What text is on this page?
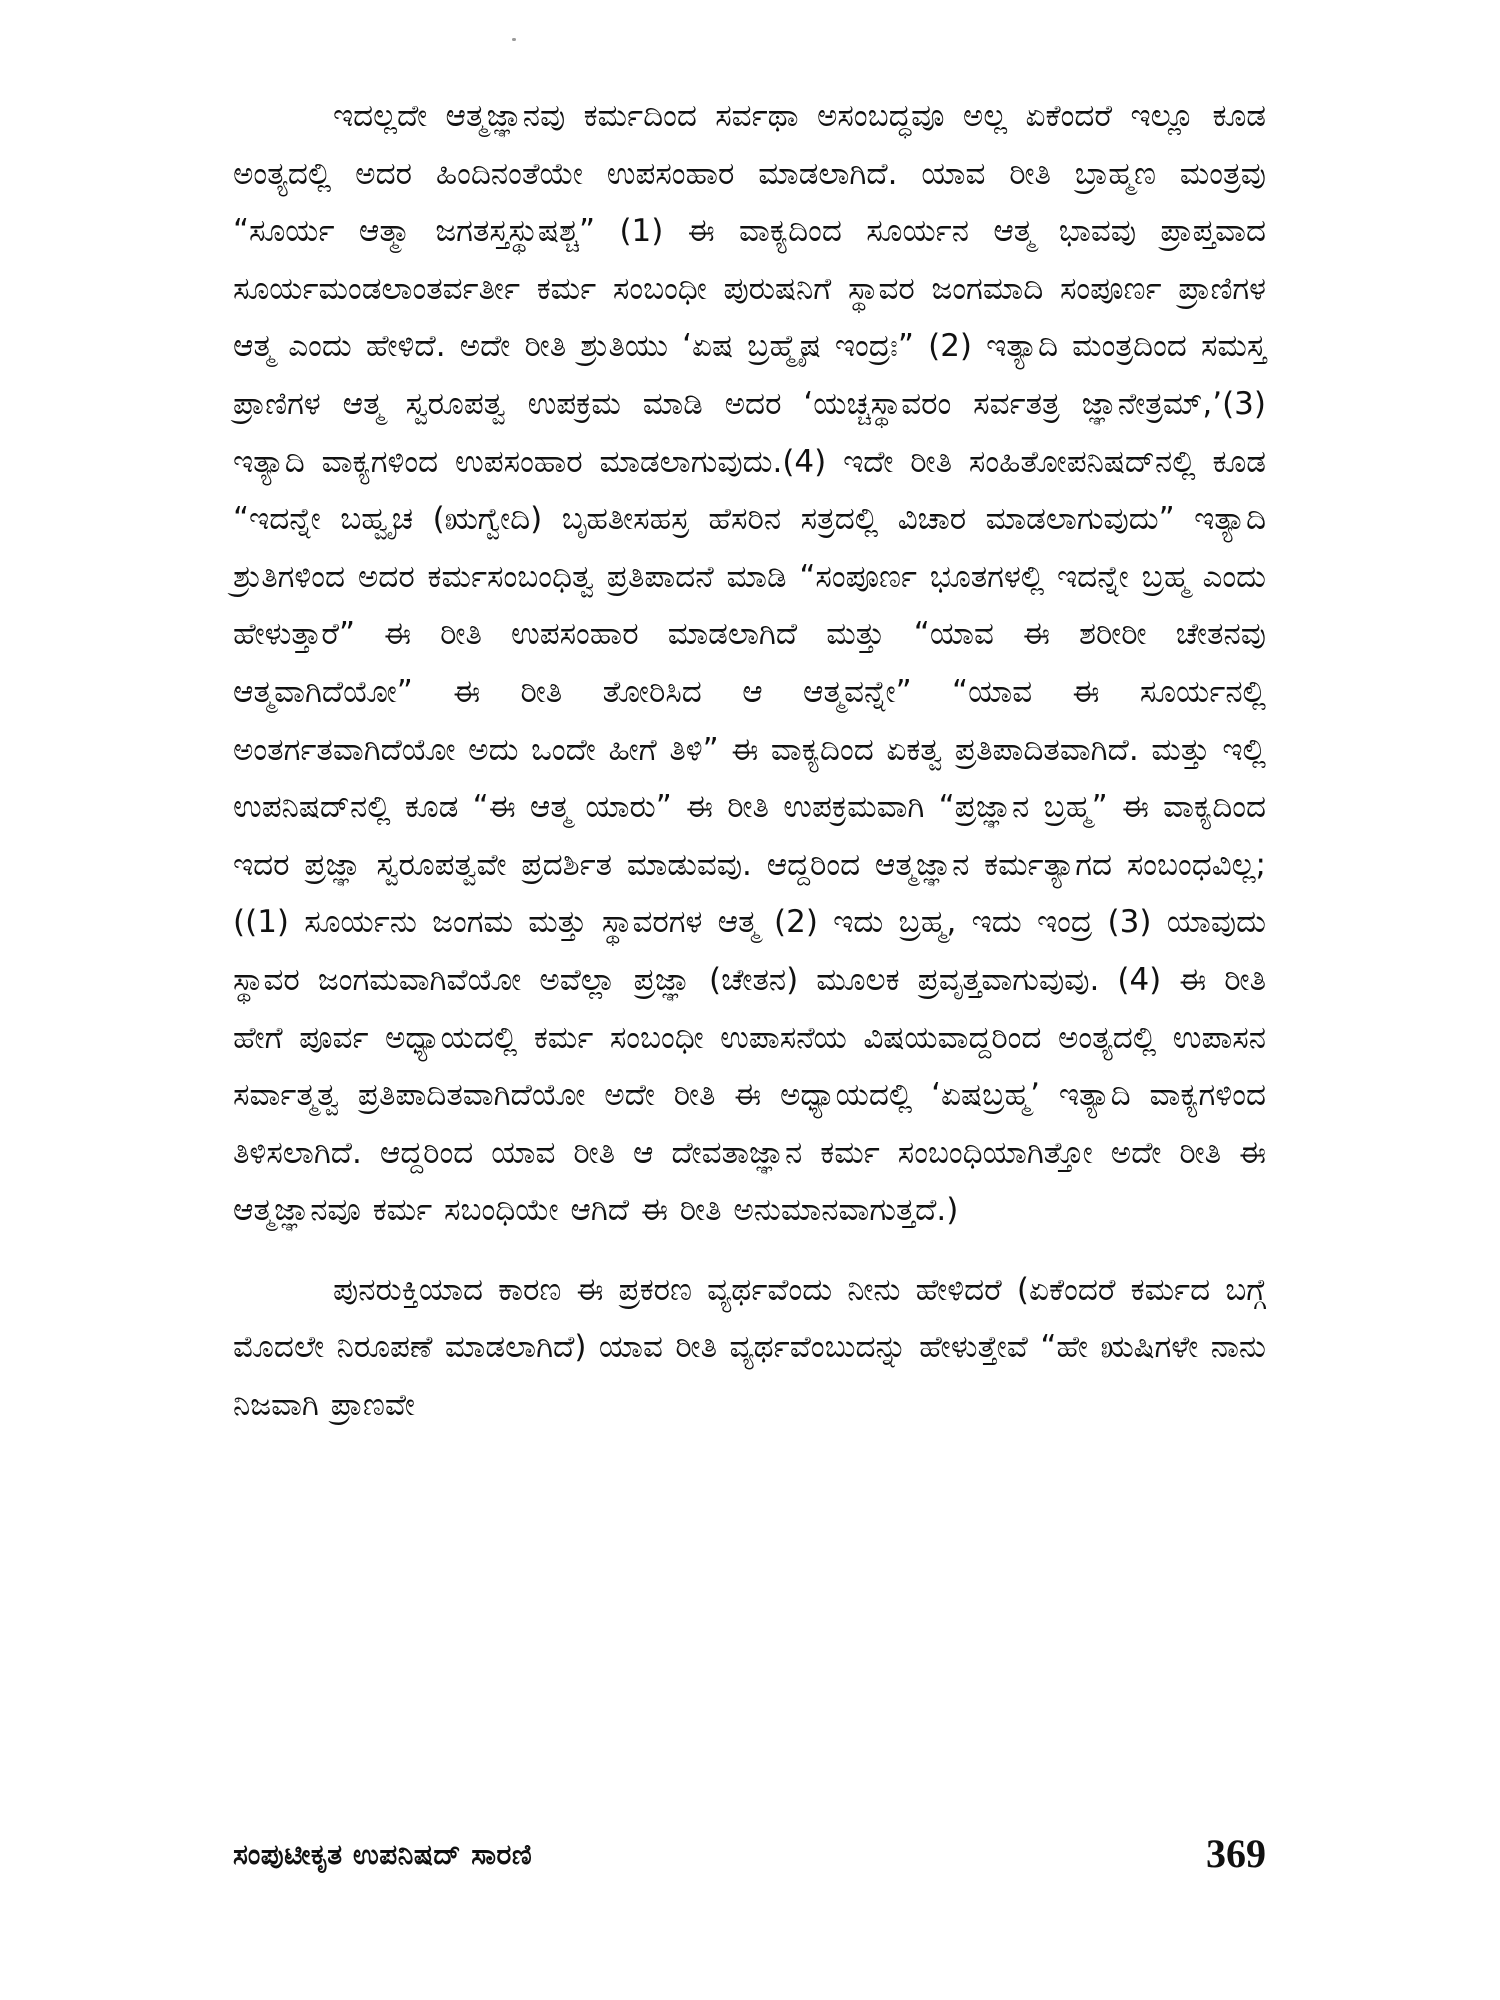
ಇದಲ್ಲದೇ ಆತ್ಮಜ್ಞಾನವು ಕರ್ಮದಿಂದ ಸರ್ವಥಾ ಅಸಂಬದ್ಧವೂ ಅಲ್ಲ ಏಕೆಂದರೆ ಇಲ್ಲೂ ಕೂಡ ಅಂತ್ಯದಲ್ಲಿ ಅದರ ಹಿಂದಿನಂತೆಯೇ ಉಪಸಂಹಾರ ಮಾಡಲಾಗಿದೆ. ಯಾವ ರೀತಿ ಬ್ರಾಹ್ಮಣ ಮಂತ್ರವು “ಸೂರ್ಯ ಆತ್ಮಾ ಜಗತಸ್ತಸ್ಥುಷಶ್ಚ” (1) ಈ ವಾಕ್ಯದಿಂದ ಸೂರ್ಯನ ಆತ್ಮ ಭಾವವು ಪ್ರಾಪ್ತವಾದ ಸೂರ್ಯಮಂಡಲಾಂತರ್ವರ್ತೀ ಕರ್ಮ ಸಂಬಂಧೀ ಪುರುಷನಿಗೆ ಸ್ಥಾವರ ಜಂಗಮಾದಿ ಸಂಪೂರ್ಣ ಪ್ರಾಣಿಗಳ ಆತ್ಮ ಎಂದು ಹೇಳಿದೆ. ಅದೇ ರೀತಿ ಶ್ರುತಿಯು ‘ಏಷ ಬ್ರಹ್ಮೈಷ ಇಂದ್ರಃ” (2) ಇತ್ಯಾದಿ ಮಂತ್ರದಿಂದ ಸಮಸ್ತ ಪ್ರಾಣಿಗಳ ಆತ್ಮ ಸ್ವರೂಪತ್ವ ಉಪಕ್ರಮ ಮಾಡಿ ಅದರ ‘ಯಚ್ಚಸ್ಥಾವರಂ ಸರ್ವತತ್ರ ಜ್ಞಾನೇತ್ರಮ್,’(3) ಇತ್ಯಾದಿ ವಾಕ್ಯಗಳಿಂದ ಉಪಸಂಹಾರ ಮಾಡಲಾಗುವುದು.(4) ಇದೇ ರೀತಿ ಸಂಹಿತೋಪನಿಷದ್‌ನಲ್ಲಿ ಕೂಡ “ಇದನ್ನೇ ಬಹ್ವೃಚ (ಋಗ್ವೇದಿ) ಬೃಹತೀಸಹಸ್ರ ಹೆಸರಿನ ಸತ್ರದಲ್ಲಿ ವಿಚಾರ ಮಾಡಲಾಗುವುದು” ಇತ್ಯಾದಿ ಶ್ರುತಿಗಳಿಂದ ಅದರ ಕರ್ಮಸಂಬಂಧಿತ್ವ ಪ್ರತಿಪಾದನೆ ಮಾಡಿ “ಸಂಪೂರ್ಣ ಭೂತಗಳಲ್ಲಿ ಇದನ್ನೇ ಬ್ರಹ್ಮ ಎಂದು ಹೇಳುತ್ತಾರೆ” ಈ ರೀತಿ ಉಪಸಂಹಾರ ಮಾಡಲಾಗಿದೆ ಮತ್ತು “ಯಾವ ಈ ಶರೀರೀ ಚೇತನವು ಆತ್ಮವಾಗಿದೆಯೋ” ಈ ರೀತಿ ತೋರಿಸಿದ ಆ ಆತ್ಮವನ್ನೇ” “ಯಾವ ಈ ಸೂರ್ಯನಲ್ಲಿ ಅಂತರ್ಗತವಾಗಿದೆಯೋ ಅದು ಒಂದೇ ಹೀಗೆ ತಿಳಿ” ಈ ವಾಕ್ಯದಿಂದ ಏಕತ್ವ ಪ್ರತಿಪಾದಿತವಾಗಿದೆ. ಮತ್ತು ಇಲ್ಲಿ ಉಪನಿಷದ್‌ನಲ್ಲಿ ಕೂಡ “ಈ ಆತ್ಮ ಯಾರು” ಈ ರೀತಿ ಉಪಕ್ರಮವಾಗಿ “ಪ್ರಜ್ಞಾನ ಬ್ರಹ್ಮ” ಈ ವಾಕ್ಯದಿಂದ ಇದರ ಪ್ರಜ್ಞಾ ಸ್ವರೂಪತ್ವವೇ ಪ್ರದರ್ಶಿತ ಮಾಡುವವು. ಆದ್ದರಿಂದ ಆತ್ಮಜ್ಞಾನ ಕರ್ಮತ್ಯಾಗದ ಸಂಬಂಧವಿಲ್ಲ; ((1) ಸೂರ್ಯನು ಜಂಗಮ ಮತ್ತು ಸ್ಥಾವರಗಳ ಆತ್ಮ (2) ಇದು ಬ್ರಹ್ಮ, ಇದು ಇಂದ್ರ (3) ಯಾವುದು ಸ್ಥಾವರ ಜಂಗಮವಾಗಿವೆಯೋ ಅವೆಲ್ಲಾ ಪ್ರಜ್ಞಾ (ಚೇತನ) ಮೂಲಕ ಪ್ರವೃತ್ತವಾಗುವುವು. (4) ಈ ರೀತಿ ಹೇಗೆ ಪೂರ್ವ ಅಧ್ಯಾಯದಲ್ಲಿ ಕರ್ಮ ಸಂಬಂಧೀ ಉಪಾಸನೆಯ ವಿಷಯವಾದ್ದರಿಂದ ಅಂತ್ಯದಲ್ಲಿ ಉಪಾಸನ ಸರ್ವಾತ್ಮತ್ವ ಪ್ರತಿಪಾದಿತವಾಗಿದೆಯೋ ಅದೇ ರೀತಿ ಈ ಅಧ್ಯಾಯದಲ್ಲಿ ‘ಏಷಬ್ರಹ್ಮ’ ಇತ್ಯಾದಿ ವಾಕ್ಯಗಳಿಂದ ತಿಳಿಸಲಾಗಿದೆ. ಆದ್ದರಿಂದ ಯಾವ ರೀತಿ ಆ ದೇವತಾಜ್ಞಾನ ಕರ್ಮ ಸಂಬಂಧಿಯಾಗಿತ್ತೋ ಅದೇ ರೀತಿ ಈ ಆತ್ಮಜ್ಞಾನವೂ ಕರ್ಮ ಸಬಂಧಿಯೇ ಆಗಿದೆ ಈ ರೀತಿ ಅನುಮಾನವಾಗುತ್ತದೆ.)

ಪುನರುಕ್ತಿಯಾದ ಕಾರಣ ಈ ಪ್ರಕರಣ ವ್ಯರ್ಥವೆಂದು ನೀನು ಹೇಳಿದರೆ (ಏಕೆಂದರೆ ಕರ್ಮದ ಬಗ್ಗೆ ಮೊದಲೇ ನಿರೂಪಣೆ ಮಾಡಲಾಗಿದೆ) ಯಾವ ರೀತಿ ವ್ಯರ್ಥವೆಂಬುದನ್ನು ಹೇಳುತ್ತೇವೆ “ಹೇ ಋಷಿಗಳೇ ನಾನು ನಿಜವಾಗಿ ಪ್ರಾಣವೇ

ಸಂಪುಟೀಕೃತ ಉಪನಿಷದ್ ಸಾರಣಿ	369
